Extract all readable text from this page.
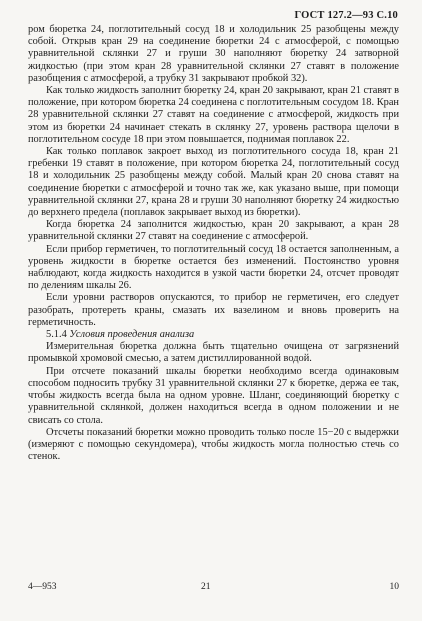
ГОСТ 127.2—93 С.10

ром бюретка 24, поглотительный сосуд 18 и холодильник 25 разобщены между собой. Открыв кран 29 на соединение бюретки 24 с атмосферой, с помощью уравнительной склянки 27 и груши 30 наполняют бюретку 24 затворной жидкостью (при этом кран 28 уравнительной склянки 27 ставят в положение разобщения с атмосферой, а трубку 31 закрывают пробкой 32).

Как только жидкость заполнит бюретку 24, кран 20 закрывают, кран 21 ставят в положение, при котором бюретка 24 соединена с поглотительным сосудом 18. Кран 28 уравнительной склянки 27 ставят на соединение с атмосферой, жидкость при этом из бюретки 24 начинает стекать в склянку 27, уровень раствора щелочи в поглотительном сосуде 18 при этом повышается, поднимая поплавок 22.

Как только поплавок закроет выход из поглотительного сосуда 18, кран 21 гребенки 19 ставят в положение, при котором бюретка 24, поглотительный сосуд 18 и холодильник 25 разобщены между собой. Малый кран 20 снова ставят на соединение бюретки с атмосферой и точно так же, как указано выше, при помощи уравнительной склянки 27, крана 28 и груши 30 наполняют бюретку 24 жидкостью до верхнего предела (поплавок закрывает выход из бюретки).

Когда бюретка 24 заполнится жидкостью, кран 20 закрывают, а кран 28 уравнительной склянки 27 ставят на соединение с атмосферой.

Если прибор герметичен, то поглотительный сосуд 18 остается заполненным, а уровень жидкости в бюретке остается без изменений. Постоянство уровня наблюдают, когда жидкость находится в узкой части бюретки 24, отсчет проводят по делениям шкалы 26.

Если уровни растворов опускаются, то прибор не герметичен, его следует разобрать, протереть краны, смазать их вазелином и вновь проверить на герметичность.

5.1.4 Условия проведения анализа

Измерительная бюретка должна быть тщательно очищена от загрязнений промывкой хромовой смесью, а затем дистиллированной водой.

При отсчете показаний шкалы бюретки необходимо всегда одинаковым способом подносить трубку 31 уравнительной склянки 27 к бюретке, держа ее так, чтобы жидкость всегда была на одном уровне. Шланг, соединяющий бюретку с уравнительной склянкой, должен находиться всегда в одном положении и не свисать со стола.

Отсчеты показаний бюретки можно проводить только после 15−20 с выдержки (измеряют с помощью секундомера), чтобы жидкость могла полностью стечь со стенок.

4—953	21	10
